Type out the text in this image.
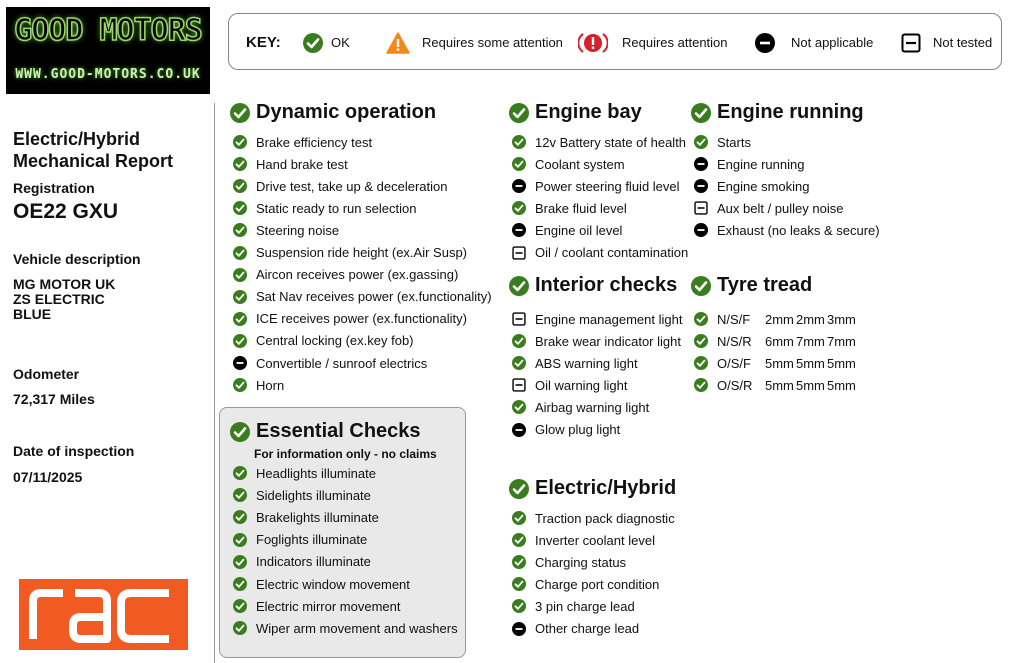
GOOD MOTORS
WWW.GOOD-MOTORS.CO.UK
KEY:	OK	Requires some attention	Requires attention	Not applicable	Not tested
Electric/Hybrid
Mechanical Report
Registration
OE22 GXU
Vehicle description
MG MOTOR UK
ZS ELECTRIC
BLUE
Odometer
72,317 Miles
Date of inspection
07/11/2025
Dynamic operation
Brake efficiency test
Hand brake test
Drive test, take up & deceleration
Static ready to run selection
Steering noise
Suspension ride height (ex.Air Susp)
Aircon receives power (ex.gassing)
Sat Nav receives power (ex.functionality)
ICE receives power (ex.functionality)
Central locking (ex.key fob)
Convertible / sunroof electrics
Horn
Essential Checks
For information only - no claims
Headlights illuminate
Sidelights illuminate
Brakelights illuminate
Foglights illuminate
Indicators illuminate
Electric window movement
Electric mirror movement
Wiper arm movement and washers
Engine bay
12v Battery state of health
Coolant system
Power steering fluid level
Brake fluid level
Engine oil level
Oil / coolant contamination
Interior checks
Engine management light
Brake wear indicator light
ABS warning light
Oil warning light
Airbag warning light
Glow plug light
Electric/Hybrid
Traction pack diagnostic
Inverter coolant level
Charging status
Charge port condition
3 pin charge lead
Other charge lead
Engine running
Starts
Engine running
Engine smoking
Aux belt / pulley noise
Exhaust (no leaks & secure)
Tyre tread
N/S/F	2mm 2mm 3mm
N/S/R	6mm 7mm 7mm
O/S/F	5mm 5mm 5mm
O/S/R 5mm 5mm 5mm
